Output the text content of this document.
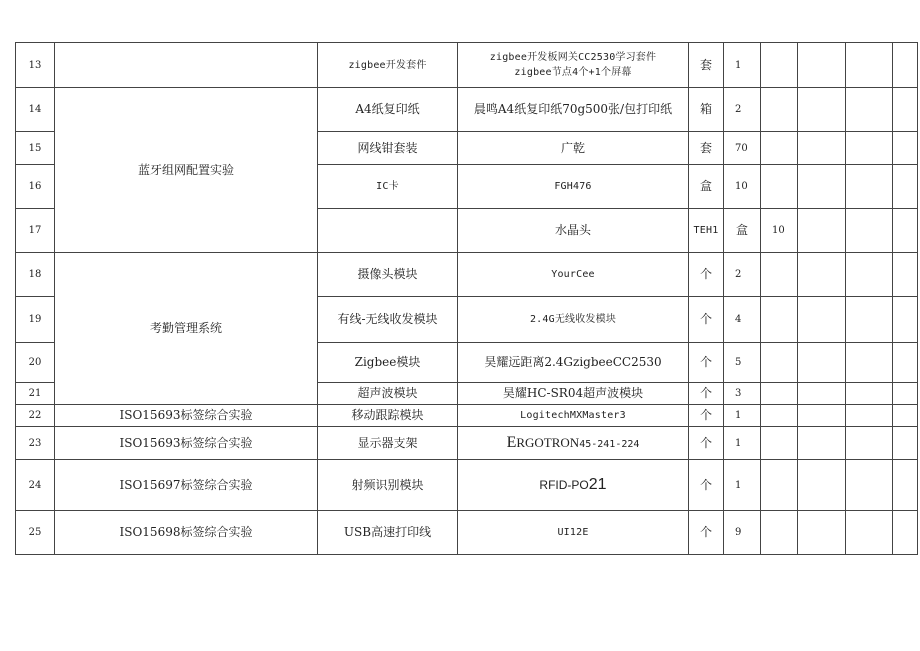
13		zigbee开发套件	zigbee开发板网关CC2530学习套件
zigbee节点4个+1个屏幕	套	1					
14	蓝牙组网配置实验	A4纸复印纸	晨鸣A4纸复印纸70g500张/包打印纸	箱	2					
15		网线钳套装	广乾	套	70					
16		IC卡	FGH476	盒	10					
17			水晶头	TEH1	盒	10				
18	考勤管理系统	摄像头模块	YourCee	个	2					
19		有线-无线收发模块	2.4G无线收发模块	个	4					
20		Zigbee模块	昊耀远距离2.4GzigbeeCC2530	个	5					
21		超声波模块	昊耀HC-SR04超声波模块	个	3					
22	ISO15693标签综合实验	移动跟踪模块	LogitechMXMaster3	个	1					
23	ISO15693标签综合实验	显示器支架	ERGOTRON45-241-224	个	1					
24	ISO15697标签综合实验	射频识别模块	RFID-PO21	个	1					
25	ISO15698标签综合实验	USB高速打印线	UI12E	个	9					
